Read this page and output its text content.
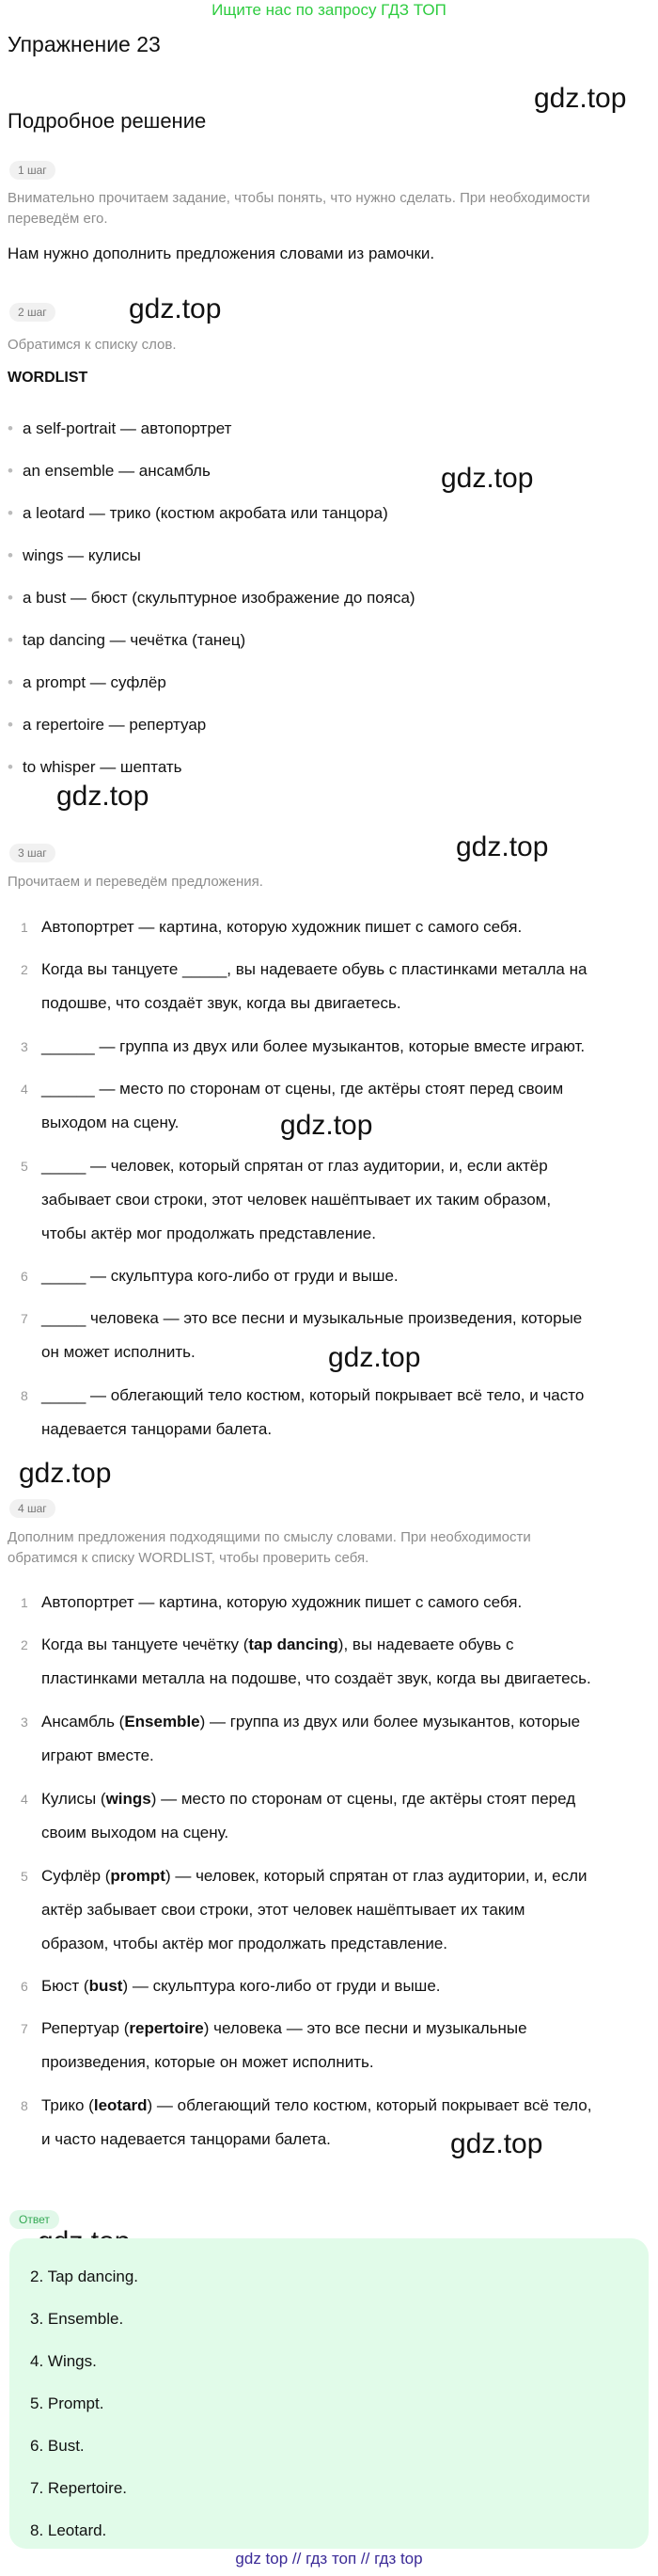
Ищите нас по запросу ГДЗ ТОП
Упражнение 23
Подробное решение
gdz.top
gdz.top
gdz.top
gdz.top
gdz.top
gdz.top
gdz.top
gdz.top
gdz.top
1 шаг
Внимательно прочитаем задание, чтобы понять, что нужно сделать. При необходимости переведём его.
Нам нужно дополнить предложения словами из рамочки.
2 шаг
Обратимся к списку слов.
WORDLIST
• a self-portrait — автопортрет
• an ensemble — ансамбль
• a leotard — трико (костюм акробата или танцора)
• wings — кулисы
• a bust — бюст (скульптурное изображение до пояса)
• tap dancing — чечётка (танец)
• a prompt — суфлёр
• a repertoire — репертуар
• to whisper — шептать
3 шаг
Прочитаем и переведём предложения.
1 Автопортрет — картина, которую художник пишет с самого себя.
2 Когда вы танцуете _____, вы надеваете обувь с пластинками металла на
подошве, что создаёт звук, когда вы двигаетесь.
3 ______ — группа из двух или более музыкантов, которые вместе играют.
4 ______ — место по сторонам от сцены, где актёры стоят перед своим
выходом на сцену.
5 _____ — человек, который спрятан от глаз аудитории, и, если актёр
забывает свои строки, этот человек нашёптывает их таким образом,
чтобы актёр мог продолжать представление.
6 _____ — скульптура кого-либо от груди и выше.
7 _____ человека — это все песни и музыкальные произведения, которые
он может исполнить.
8 _____ — облегающий тело костюм, который покрывает всё тело, и часто
надевается танцорами балета.
4 шаг
Дополним предложения подходящими по смыслу словами. При необходимости
обратимся к списку WORDLIST, чтобы проверить себя.
1 Автопортрет — картина, которую художник пишет с самого себя.
2 Когда вы танцуете чечётку (tap dancing), вы надеваете обувь с
пластинками металла на подошве, что создаёт звук, когда вы двигаетесь.
3 Ансамбль (Ensemble) — группа из двух или более музыкантов, которые
играют вместе.
4 Кулисы (wings) — место по сторонам от сцены, где актёры стоят перед
своим выходом на сцену.
5 Суфлёр (prompt) — человек, который спрятан от глаз аудитории, и, если
актёр забывает свои строки, этот человек нашёптывает их таким
образом, чтобы актёр мог продолжать представление.
6 Бюст (bust) — скульптура кого-либо от груди и выше.
7 Репертуар (repertoire) человека — это все песни и музыкальные
произведения, которые он может исполнить.
8 Трико (leotard) — облегающий тело костюм, который покрывает всё тело,
и часто надевается танцорами балета.
Ответ
2. Tap dancing.
3. Ensemble.
4. Wings.
5. Prompt.
6. Bust.
7. Repertoire.
8. Leotard.
gdz top // гдз топ // гдз top
